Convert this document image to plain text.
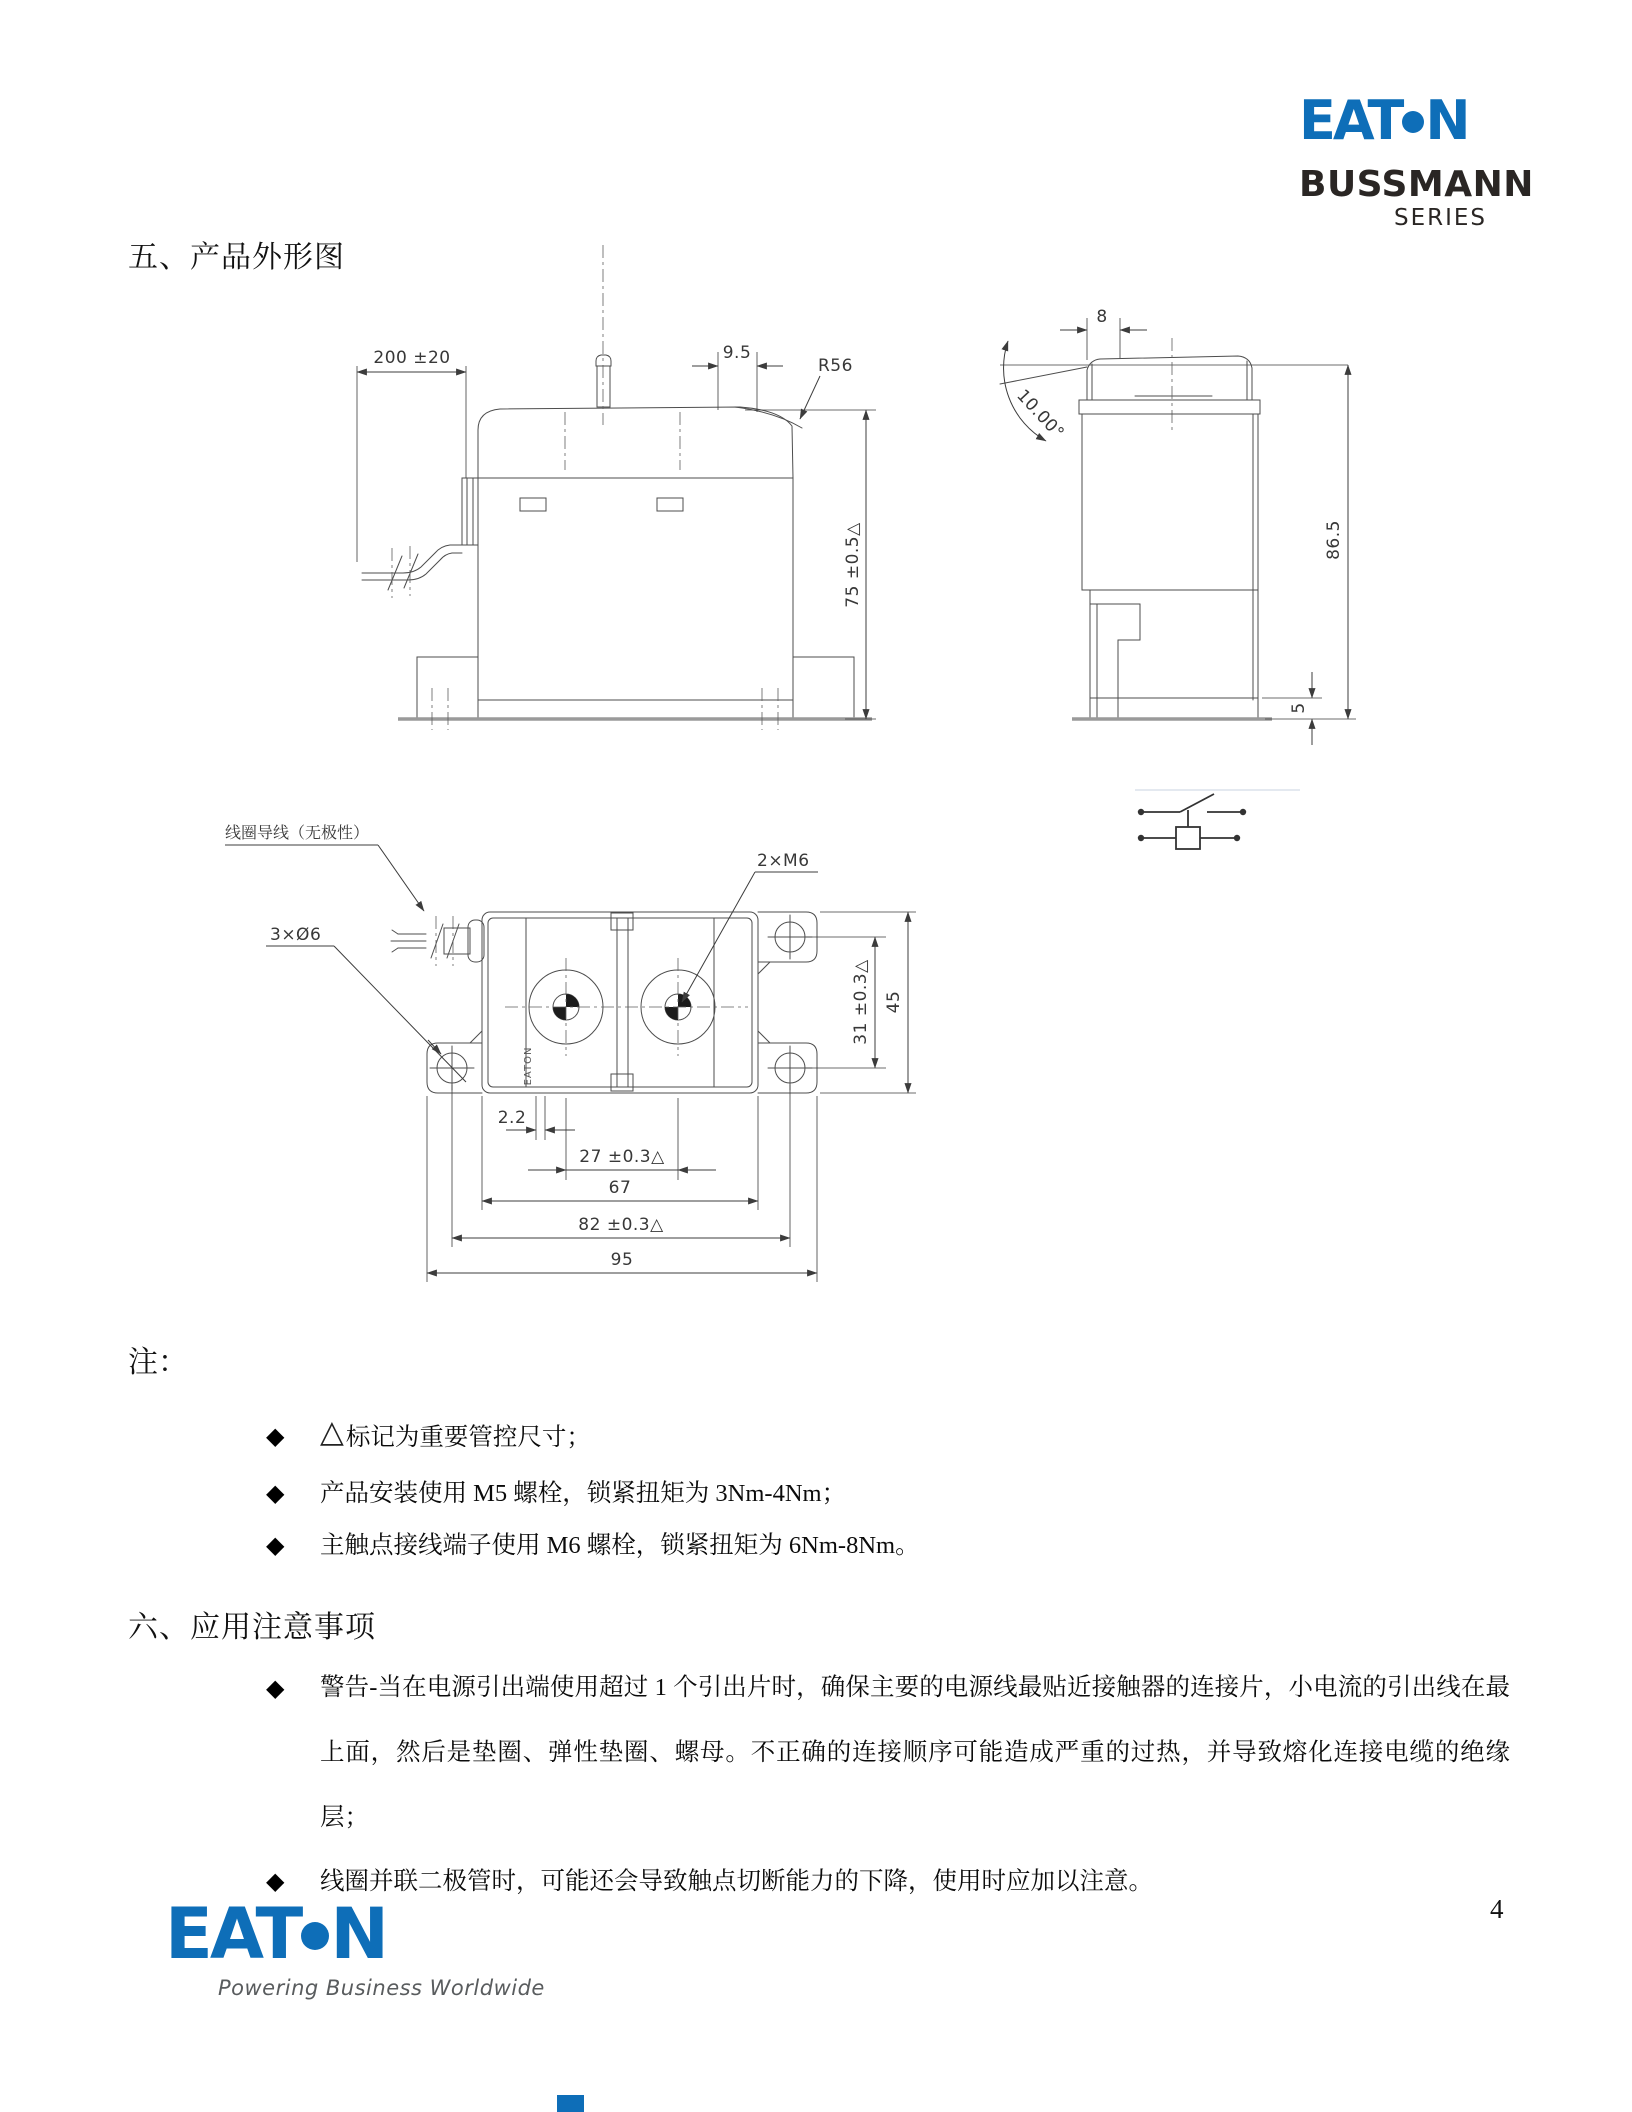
EAT N
BUSSMANN
SERIES
五、产品外形图
200 ±20	9.5
R56
75 ±0.5△
10.00°
8
86.5
5
EATON
线圈导线（无极性）
3×Ø6
2×M6
31 ±0.3△ 45
2.2
27 ±0.3△
67
82 ±0.3△
95
注：
◆	△标记为重要管控尺寸；
◆	产品安装使用 M5 螺栓，锁紧扭矩为 3Nm-4Nm；
◆	主触点接线端子使用 M6 螺栓，锁紧扭矩为 6Nm-8Nm。
六、应用注意事项
◆	警告-当在电源引出端使用超过 1 个引出片时，确保主要的电源线最贴近接触器的连接片，小电流的引出线在最上面，然后是垫圈、弹性垫圈、螺母。不正确的连接顺序可能造成严重的过热，并导致熔化连接电缆的绝缘层；
◆	线圈并联二极管时，可能还会导致触点切断能力的下降，使用时应加以注意。
4
EAT N
Powering Business Worldwide
